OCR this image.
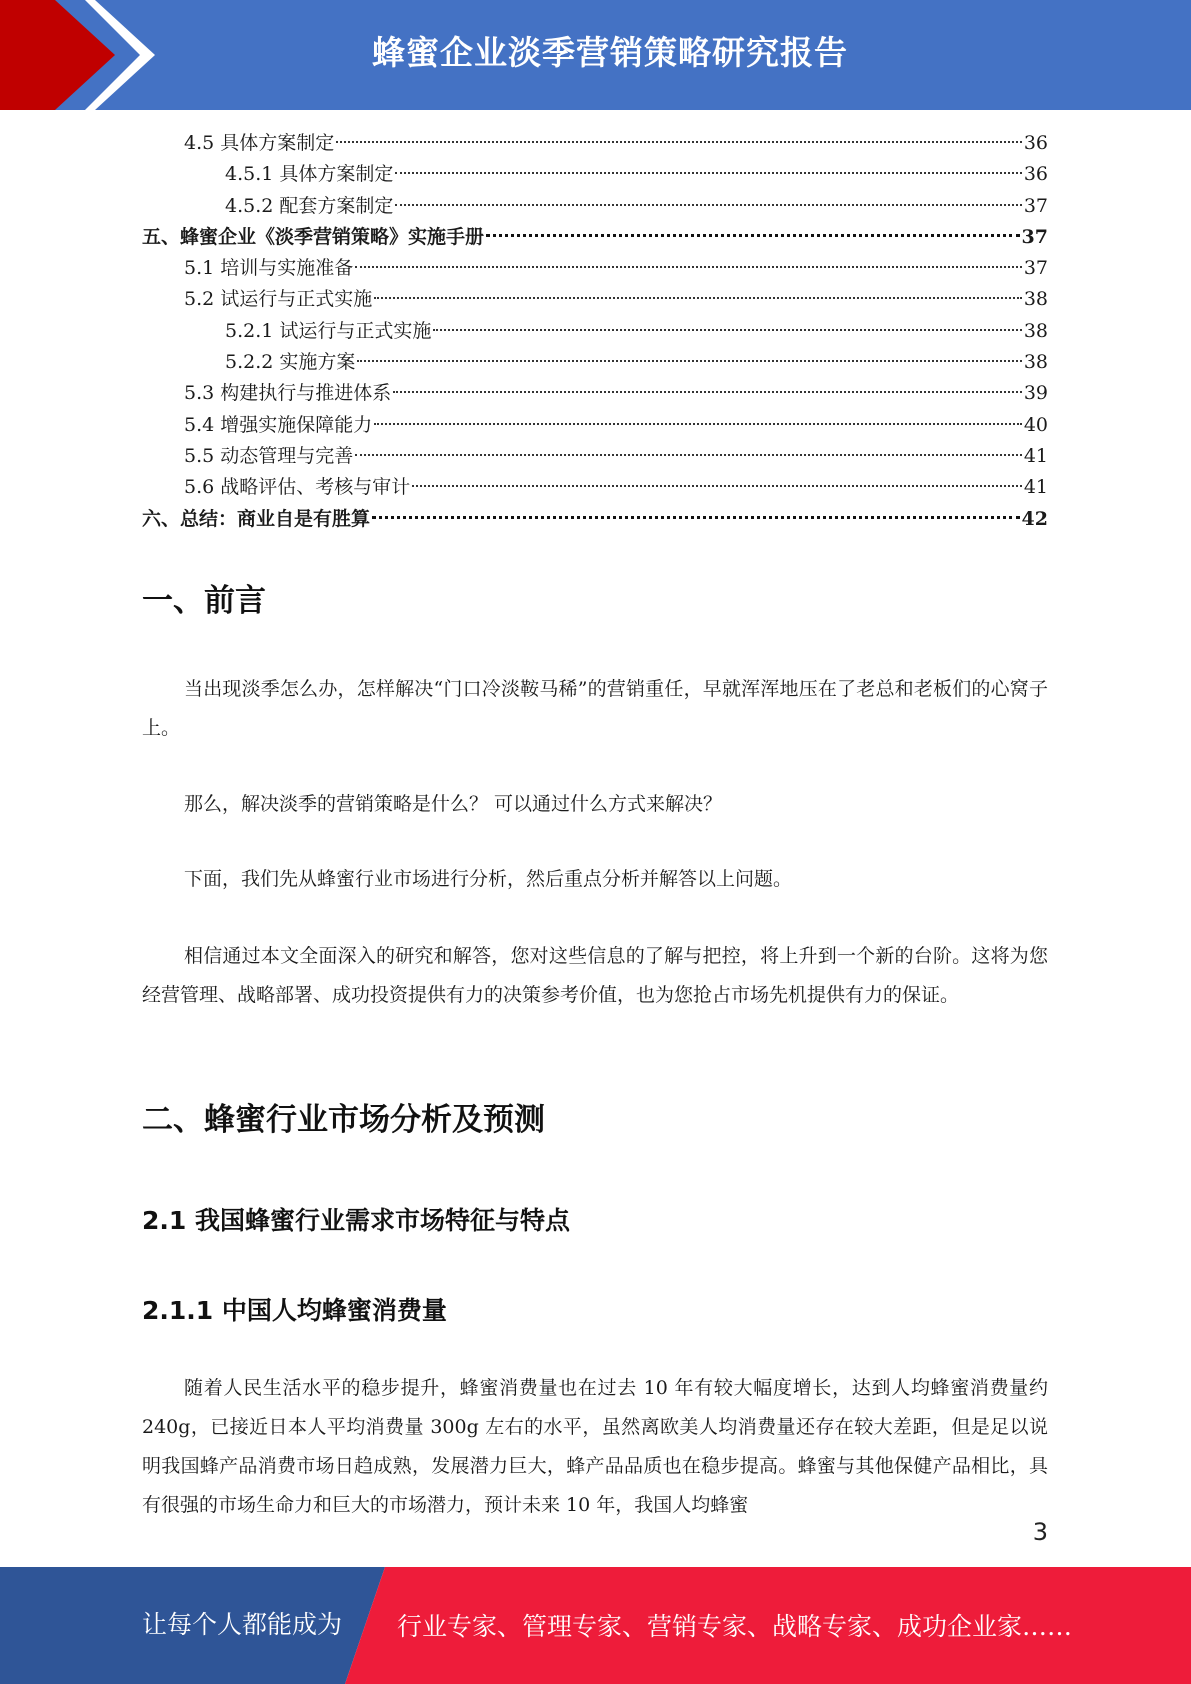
蜂蜜企业淡季营销策略研究报告
4.5 具体方案制定	36
4.5.1 具体方案制定	36
4.5.2 配套方案制定	37
五、蜂蜜企业《淡季营销策略》实施手册	37
5.1 培训与实施准备	37
5.2 试运行与正式实施	38
5.2.1 试运行与正式实施	38
5.2.2 实施方案	38
5.3 构建执行与推进体系	39
5.4 增强实施保障能力	40
5.5 动态管理与完善	41
5.6 战略评估、考核与审计	41
六、总结：商业自是有胜算	42
一、前言

当出现淡季怎么办，怎样解决“门口冷淡鞍马稀”的营销重任，早就浑浑地压在了老总和老板们的心窝子上。

那么，解决淡季的营销策略是什么？ 可以通过什么方式来解决？

下面，我们先从蜂蜜行业市场进行分析，然后重点分析并解答以上问题。

相信通过本文全面深入的研究和解答，您对这些信息的了解与把控，将上升到一个新的台阶。这将为您经营管理、战略部署、成功投资提供有力的决策参考价值，也为您抢占市场先机提供有力的保证。

二、蜂蜜行业市场分析及预测
2.1 我国蜂蜜行业需求市场特征与特点
2.1.1 中国人均蜂蜜消费量

随着人民生活水平的稳步提升，蜂蜜消费量也在过去 10 年有较大幅度增长，达到人均蜂蜜消费量约 240g，已接近日本人平均消费量 300g 左右的水平，虽然离欧美人均消费量还存在较大差距，但是足以说明我国蜂产品消费市场日趋成熟，发展潜力巨大，蜂产品品质也在稳步提高。蜂蜜与其他保健产品相比，具有很强的市场生命力和巨大的市场潜力，预计未来 10 年，我国人均蜂蜜

3
让每个人都能成为 行业专家、管理专家、营销专家、战略专家、成功企业家……
